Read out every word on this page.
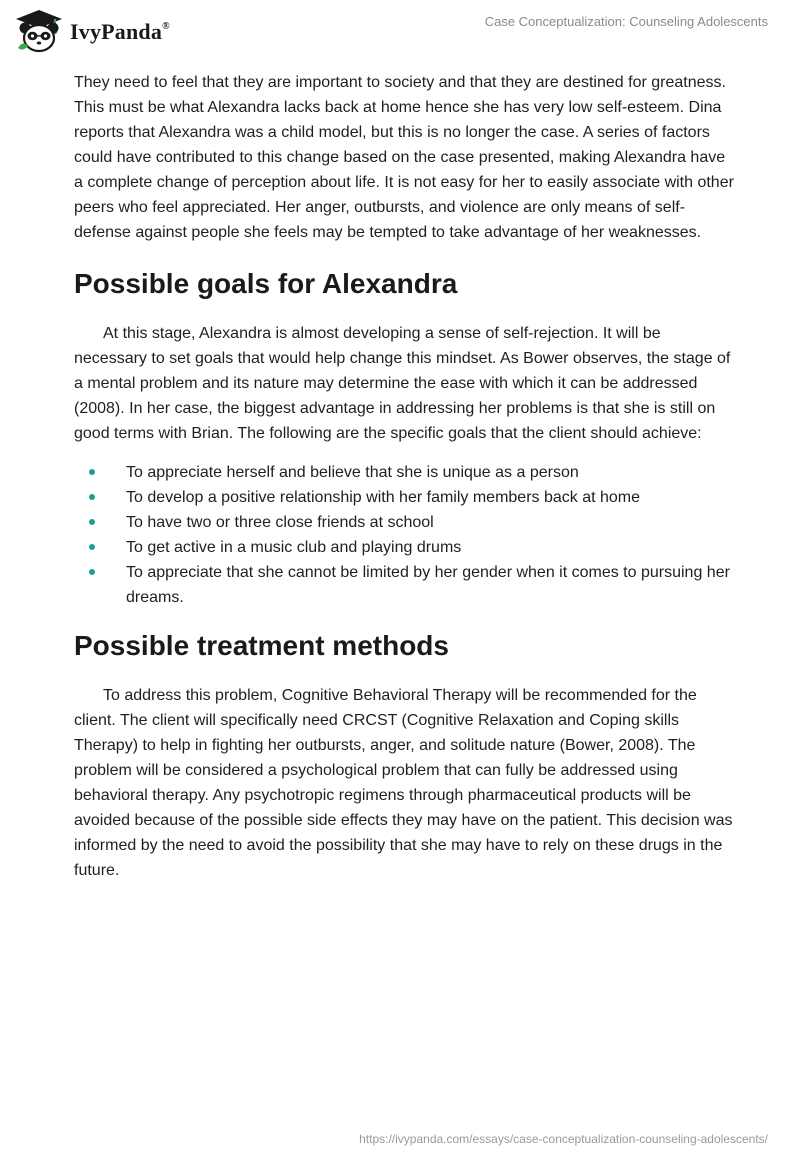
IvyPanda®	Case Conceptualization: Counseling Adolescents

They need to feel that they are important to society and that they are destined for greatness. This must be what Alexandra lacks back at home hence she has very low self-esteem. Dina reports that Alexandra was a child model, but this is no longer the case. A series of factors could have contributed to this change based on the case presented, making Alexandra have a complete change of perception about life. It is not easy for her to easily associate with other peers who feel appreciated. Her anger, outbursts, and violence are only means of self-defense against people she feels may be tempted to take advantage of her weaknesses.

Possible goals for Alexandra

At this stage, Alexandra is almost developing a sense of self-rejection. It will be necessary to set goals that would help change this mindset. As Bower observes, the stage of a mental problem and its nature may determine the ease with which it can be addressed (2008). In her case, the biggest advantage in addressing her problems is that she is still on good terms with Brian. The following are the specific goals that the client should achieve:

To appreciate herself and believe that she is unique as a person
To develop a positive relationship with her family members back at home
To have two or three close friends at school
To get active in a music club and playing drums
To appreciate that she cannot be limited by her gender when it comes to pursuing her dreams.
Possible treatment methods

To address this problem, Cognitive Behavioral Therapy will be recommended for the client. The client will specifically need CRCST (Cognitive Relaxation and Coping skills Therapy) to help in fighting her outbursts, anger, and solitude nature (Bower, 2008). The problem will be considered a psychological problem that can fully be addressed using behavioral therapy. Any psychotropic regimens through pharmaceutical products will be avoided because of the possible side effects they may have on the patient. This decision was informed by the need to avoid the possibility that she may have to rely on these drugs in the future.

https://ivypanda.com/essays/case-conceptualization-counseling-adolescents/
